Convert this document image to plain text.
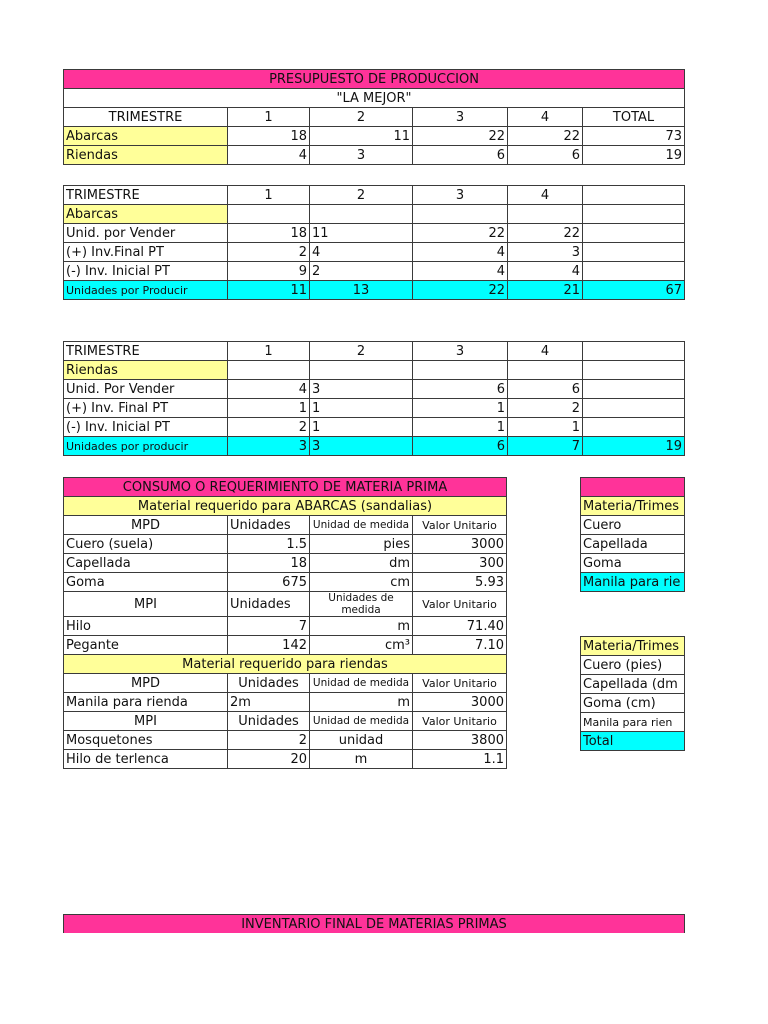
PRESUPUESTO DE PRODUCCION					
"LA MEJOR"					
TRIMESTRE	1	2	3	4	TOTAL
Abarcas	18	11	22	22	73
Riendas	4	3	6	6	19
TRIMESTRE	1	2	3	4	
Abarcas					
Unid. por Vender	18	11	22	22	
(+) Inv.Final PT	2	4	4	3	
(-) Inv. Inicial PT	9	2	4	4	
Unidades por Producir	11	13	22	21	67
TRIMESTRE	1	2	3	4	
Riendas					
Unid. Por Vender	4	3	6	6	
(+) Inv. Final PT	1	1	1	2	
(-) Inv. Inicial PT	2	1	1	1	
Unidades por producir	3	3	6	7	19
CONSUMO O REQUERIMIENTO DE MATERIA PRIMA			
Material requerido para ABARCAS (sandalias)			
MPD	Unidades	Unidad de medida	Valor Unitario
Cuero (suela)	1.5	pies	3000
Capellada	18	dm	300
Goma	675	cm	5.93
MPI	Unidades	Unidades de medida	Valor Unitario
Hilo	7	m	71.40
Pegante	142	cm³	7.10
Material requerido para riendas			
MPD	Unidades	Unidad de medida	Valor Unitario
Manila para rienda	2m	m	3000
MPI	Unidades	Unidad de medida	Valor Unitario
Mosquetones	2	unidad	3800
Hilo de terlenca	20	m	1.1

Materia/Trimes
Cuero
Capellada
Goma
Manila para rie
Materia/Trimes
Cuero (pies)
Capellada (dm
Goma (cm)
Manila para rien
Total
INVENTARIO FINAL DE MATERIAS PRIMAS
